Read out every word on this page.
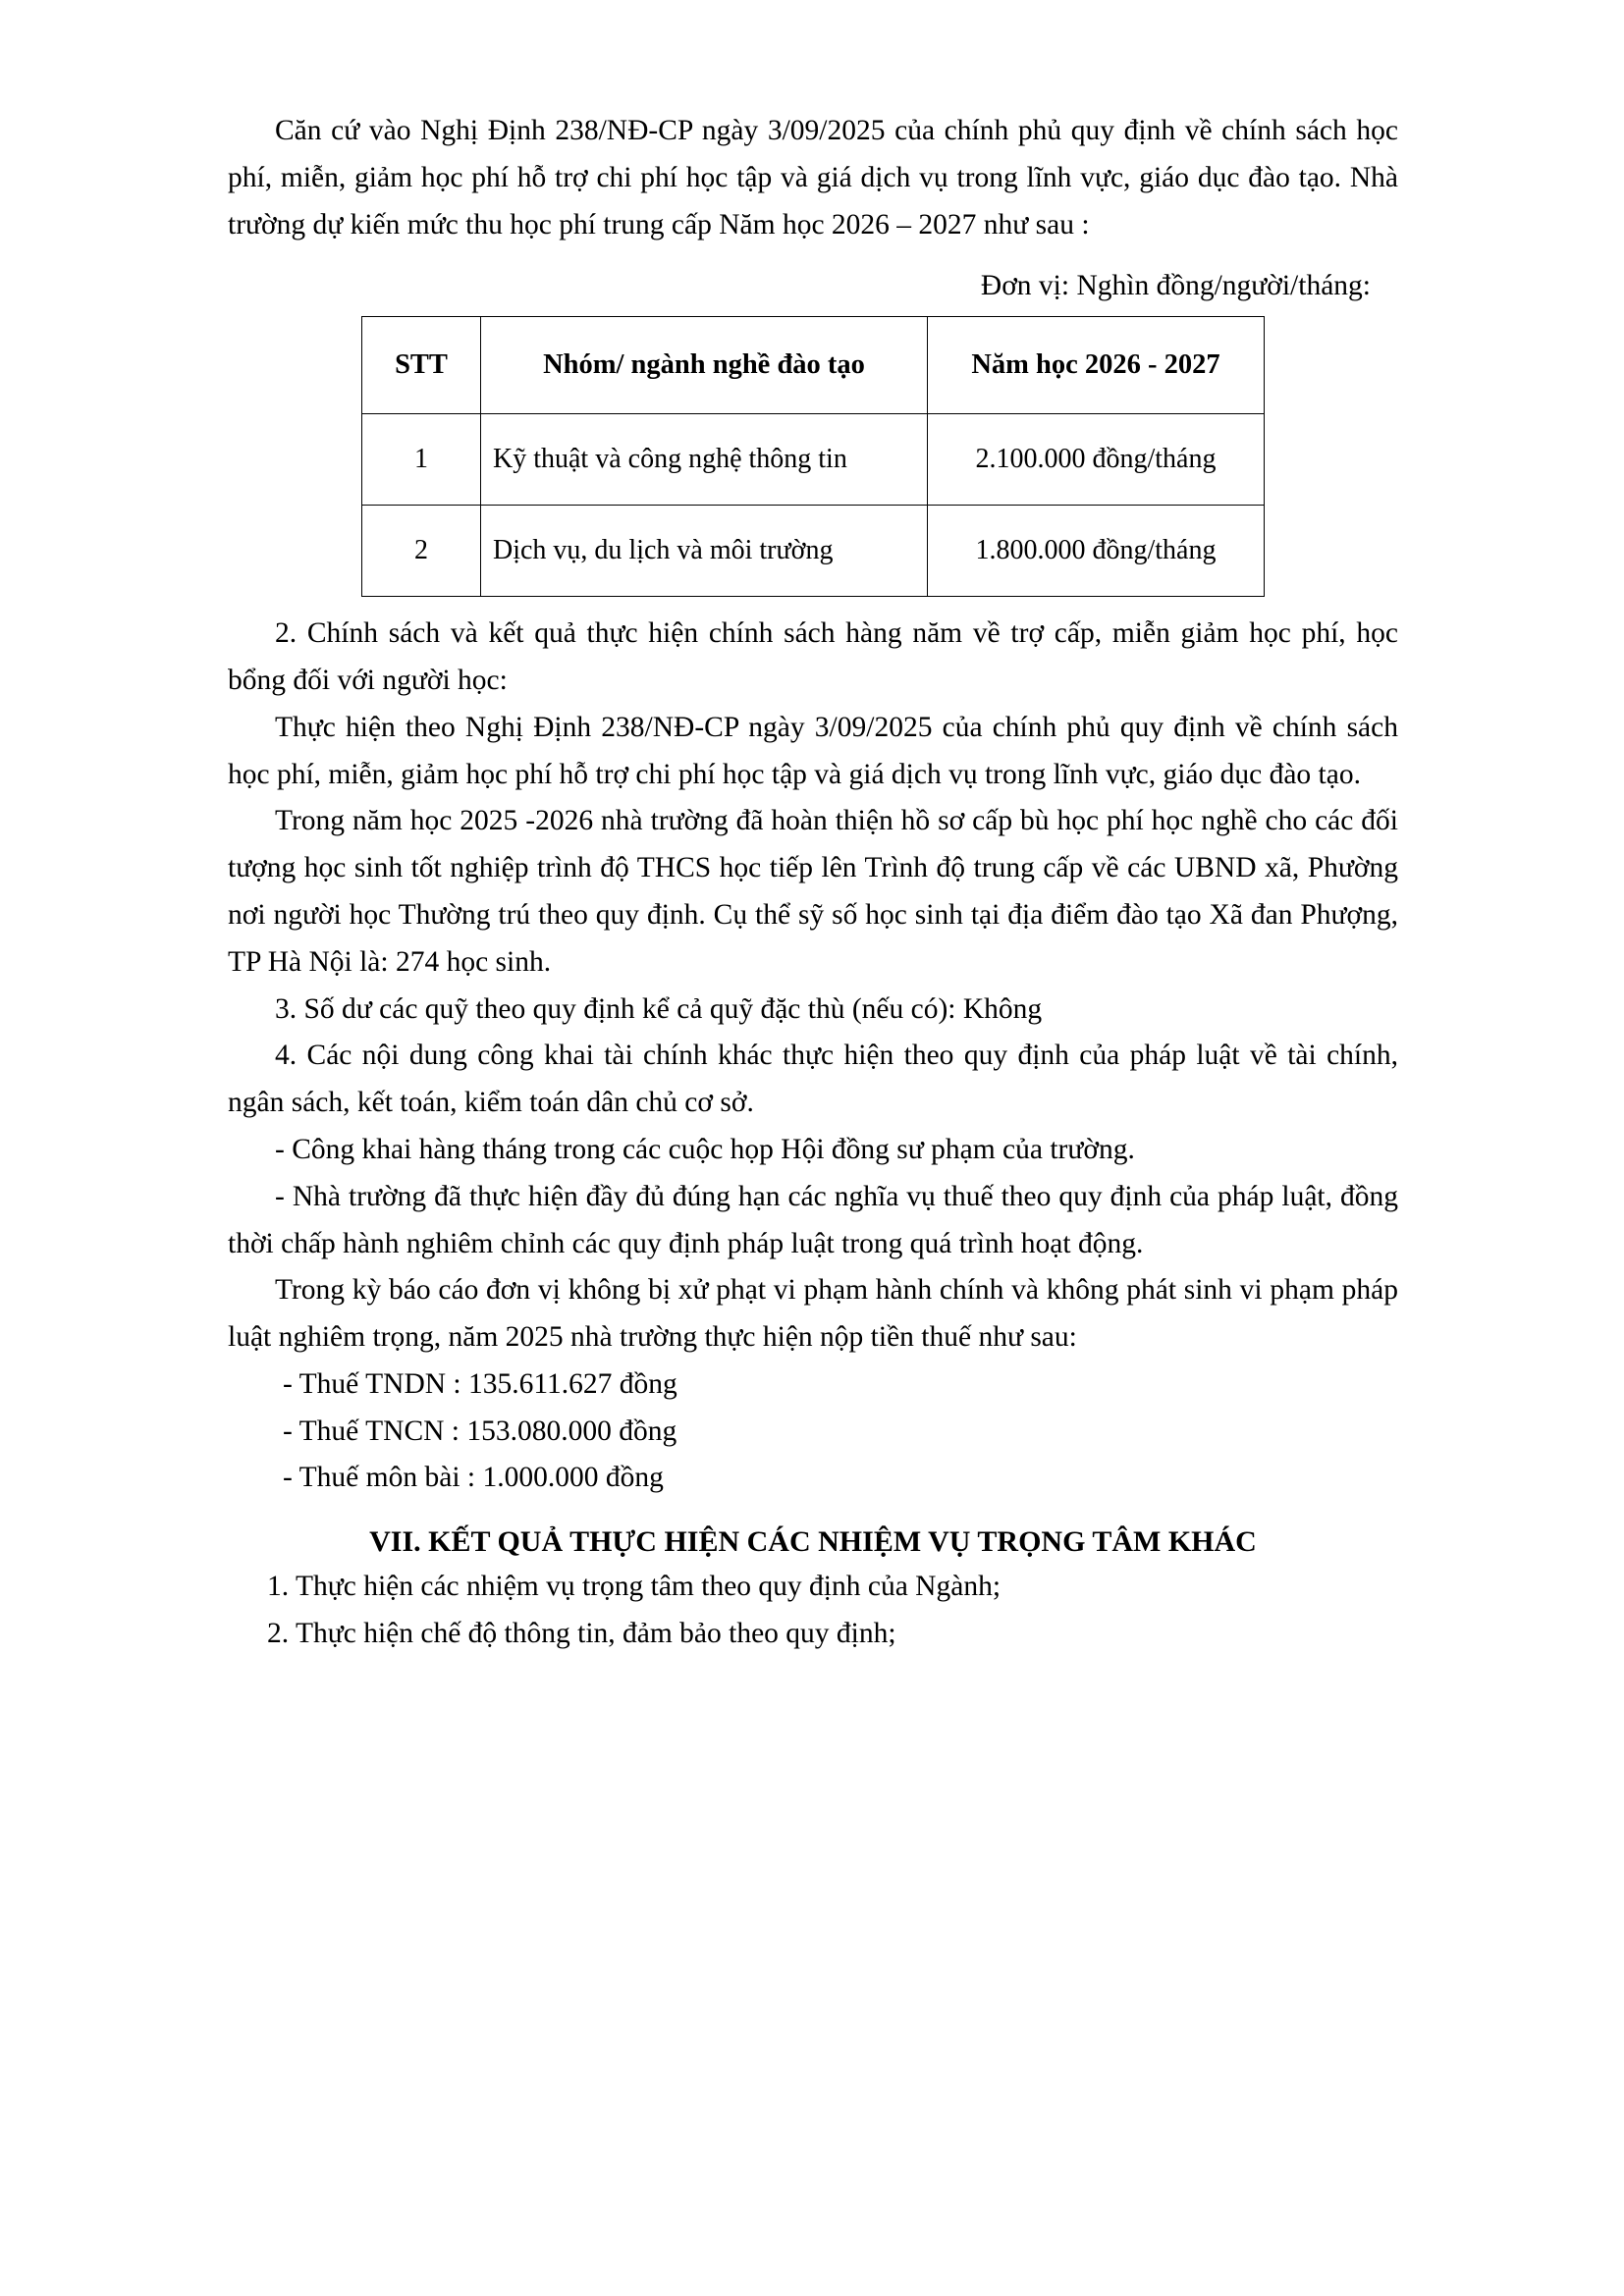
Căn cứ vào Nghị Định 238/NĐ-CP ngày 3/09/2025 của chính phủ quy định về chính sách học phí, miễn, giảm học phí hỗ trợ chi phí học tập và giá dịch vụ trong lĩnh vực, giáo dục đào tạo. Nhà trường dự kiến mức thu học phí trung cấp Năm học 2026 – 2027 như sau :

Đơn vị: Nghìn đồng/người/tháng:
STT	Nhóm/ ngành nghề đào tạo	Năm học 2026 - 2027
1	Kỹ thuật và công nghệ thông tin	2.100.000 đồng/tháng
2	Dịch vụ, du lịch và môi trường	1.800.000 đồng/tháng

2. Chính sách và kết quả thực hiện chính sách hàng năm về trợ cấp, miễn giảm học phí, học bổng đối với người học:

Thực hiện theo Nghị Định 238/NĐ-CP ngày 3/09/2025 của chính phủ quy định về chính sách học phí, miễn, giảm học phí hỗ trợ chi phí học tập và giá dịch vụ trong lĩnh vực, giáo dục đào tạo.

Trong năm học 2025 -2026 nhà trường đã hoàn thiện hồ sơ cấp bù học phí học nghề cho các đối tượng học sinh tốt nghiệp trình độ THCS học tiếp lên Trình độ trung cấp về các UBND xã, Phường nơi người học Thường trú theo quy định. Cụ thể sỹ số học sinh tại địa điểm đào tạo Xã đan Phượng, TP Hà Nội là: 274 học sinh.

3. Số dư các quỹ theo quy định kể cả quỹ đặc thù (nếu có): Không

4. Các nội dung công khai tài chính khác thực hiện theo quy định của pháp luật về tài chính, ngân sách, kết toán, kiểm toán dân chủ cơ sở.

- Công khai hàng tháng trong các cuộc họp Hội đồng sư phạm của trường.

- Nhà trường đã thực hiện đầy đủ đúng hạn các nghĩa vụ thuế theo quy định của pháp luật, đồng thời chấp hành nghiêm chỉnh các quy định pháp luật trong quá trình hoạt động.

Trong kỳ báo cáo đơn vị không bị xử phạt vi phạm hành chính và không phát sinh vi phạm pháp luật nghiêm trọng, năm 2025 nhà trường thực hiện nộp tiền thuế như sau:

- Thuế TNDN : 135.611.627 đồng
- Thuế TNCN : 153.080.000 đồng
- Thuế môn bài : 1.000.000 đồng
VII. KẾT QUẢ THỰC HIỆN CÁC NHIỆM VỤ TRỌNG TÂM KHÁC
1. Thực hiện các nhiệm vụ trọng tâm theo quy định của Ngành;
2. Thực hiện chế độ thông tin, đảm bảo theo quy định;
